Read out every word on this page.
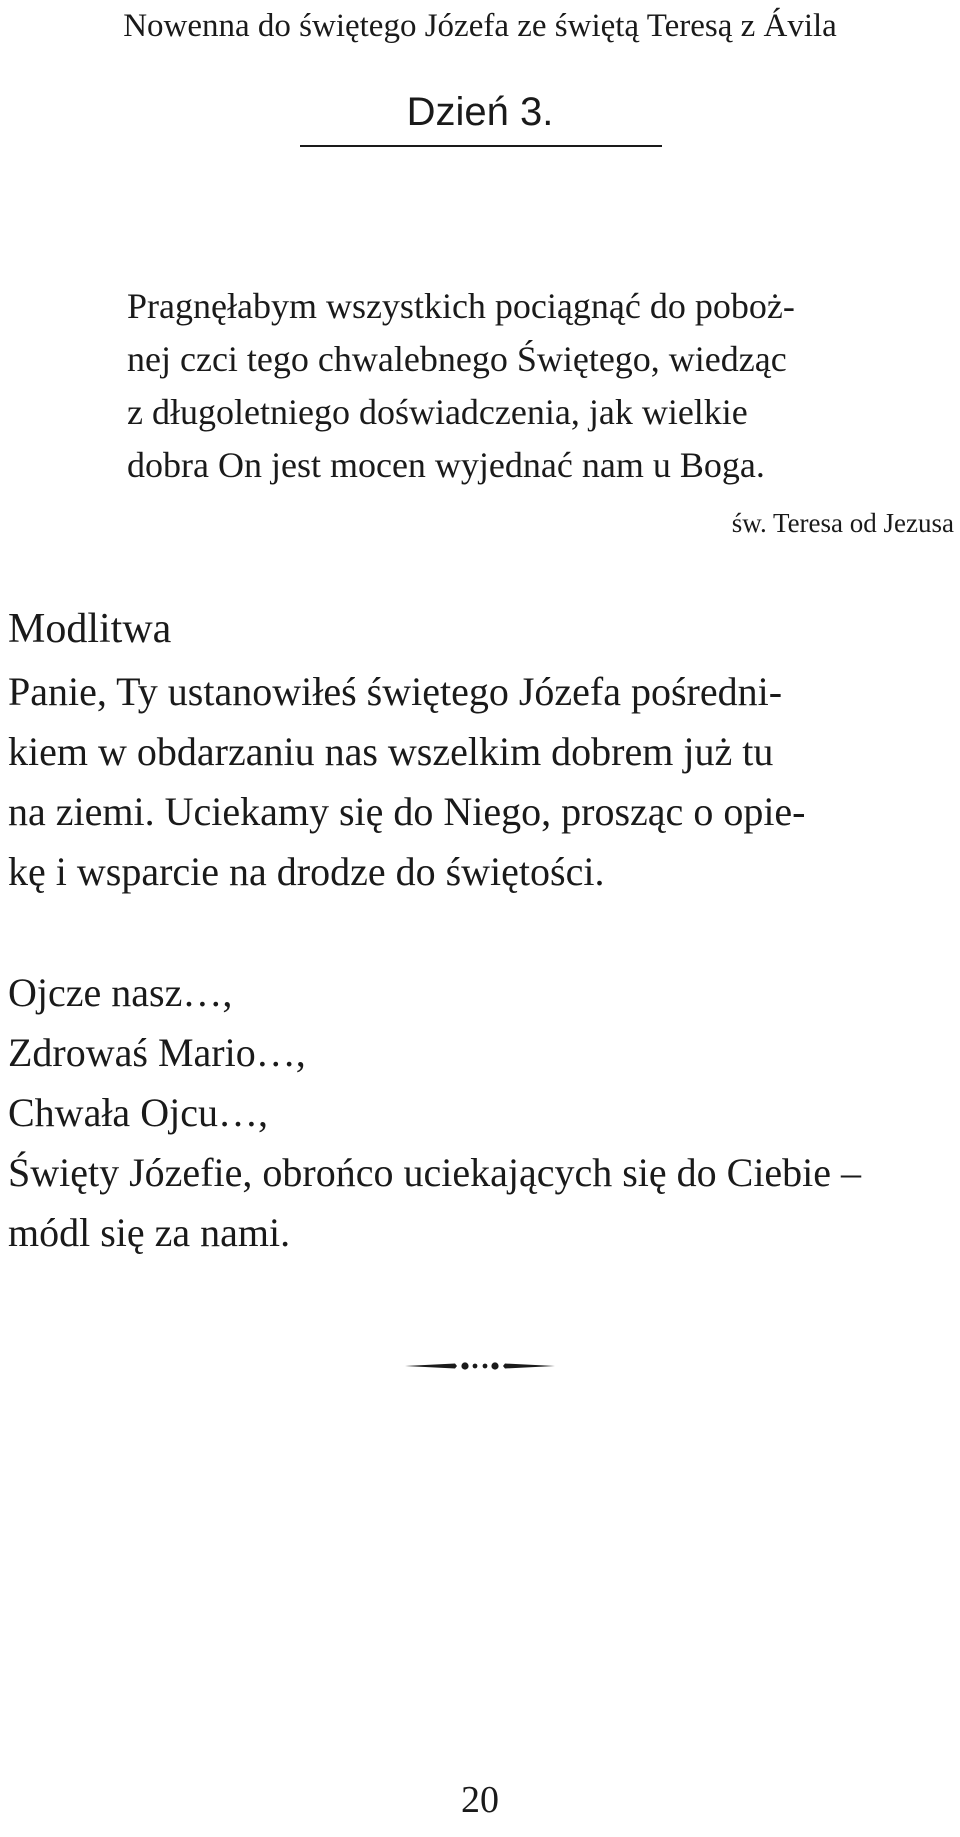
Nowenna do świętego Józefa ze świętą Teresą z Ávila
Dzień 3.
Pragnęłabym wszystkich pociągnąć do poboż-
nej czci tego chwalebnego Świętego, wiedząc
z długoletniego doświadczenia, jak wielkie
dobra On jest mocen wyjednać nam u Boga.
św. Teresa od Jezusa
Modlitwa
Panie, Ty ustanowiłeś świętego Józefa pośredni-
kiem w obdarzaniu nas wszelkim dobrem już tu
na ziemi. Uciekamy się do Niego, prosząc o opie-
kę i wsparcie na drodze do świętości.
Ojcze nasz…,
Zdrowaś Mario…,
Chwała Ojcu…,
Święty Józefie, obrońco uciekających się do Ciebie –
módl się za nami.
20
